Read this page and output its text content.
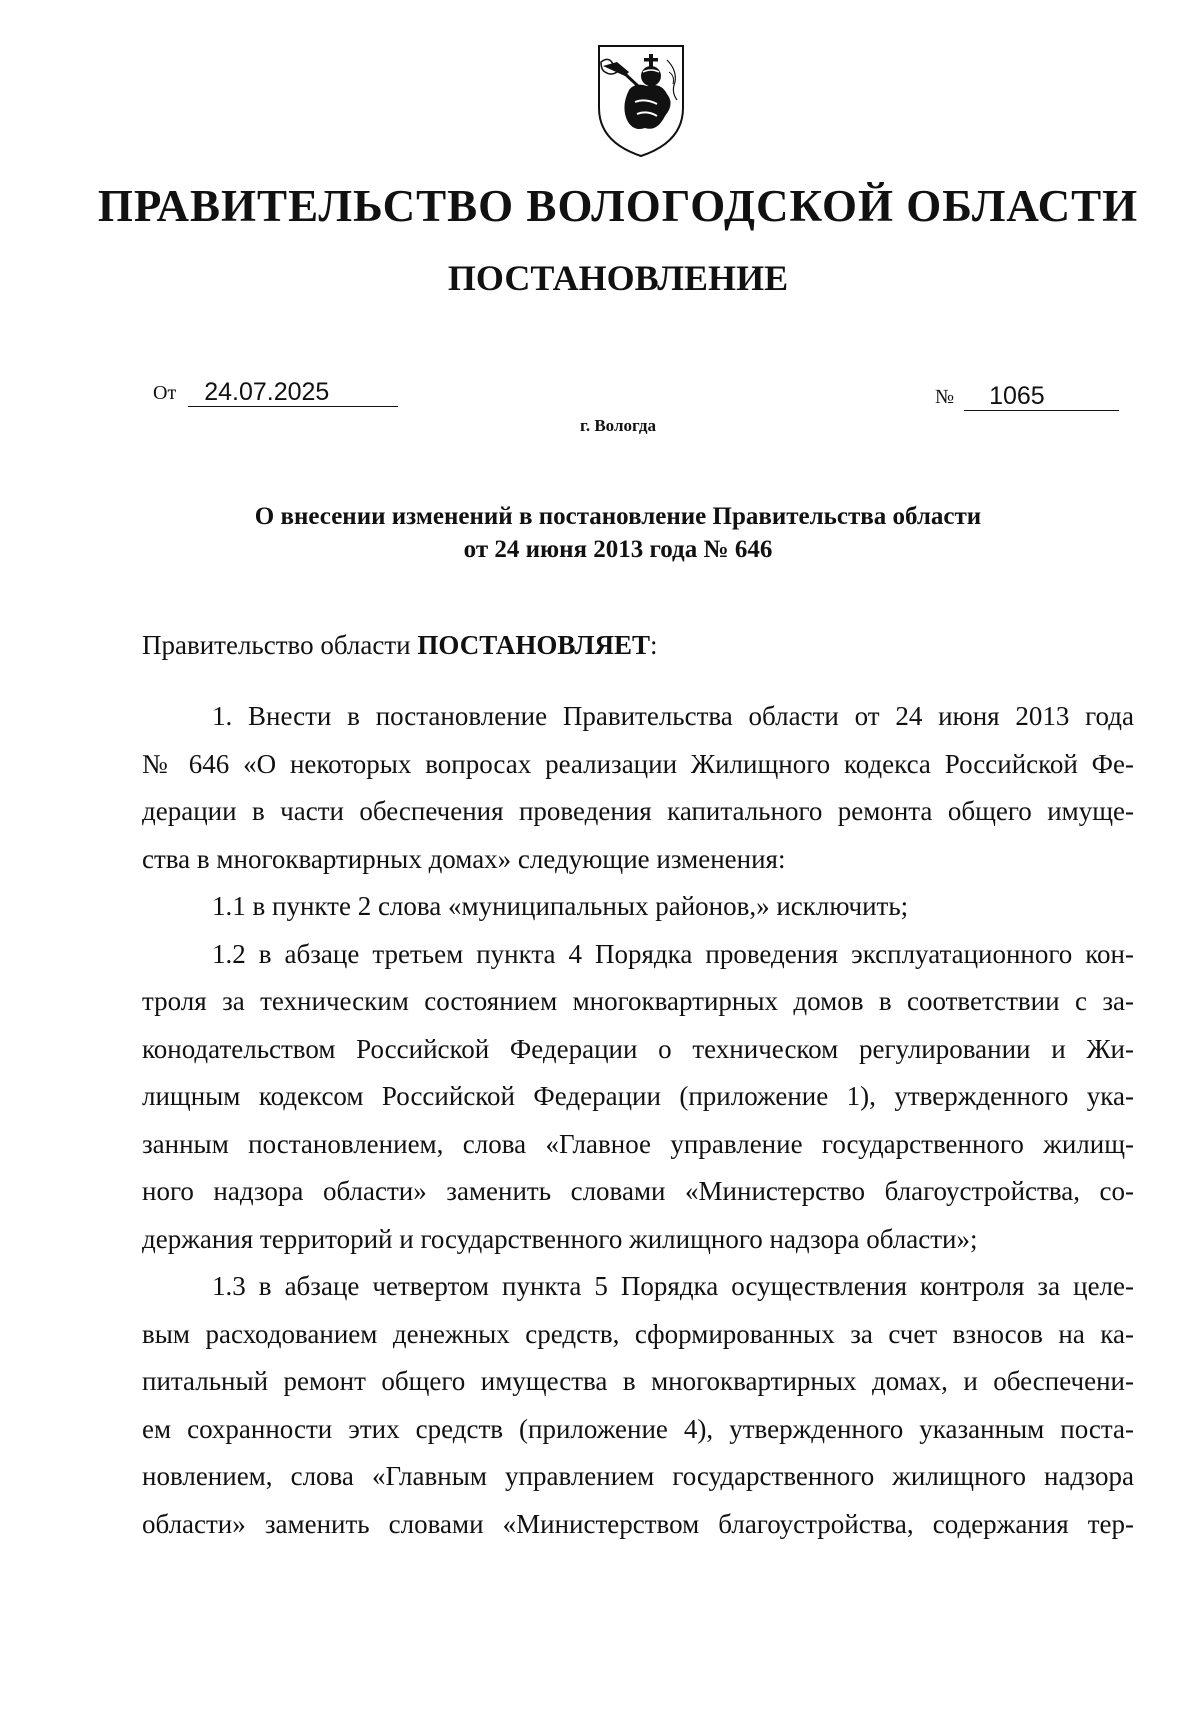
ПРАВИТЕЛЬСТВО ВОЛОГОДСКОЙ ОБЛАСТИ
ПОСТАНОВЛЕНИЕ
От	24.07.2025	№	1065
г. Вологда
О внесении изменений в постановление Правительства области
от 24 июня 2013 года № 646
Правительство области ПОСТАНОВЛЯЕТ:
1. Внести в постановление Правительства области от 24 июня 2013 года
№ 646 «О некоторых вопросах реализации Жилищного кодекса Российской Фе-
дерации в части обеспечения проведения капитального ремонта общего имуще-
ства в многоквартирных домах» следующие изменения:
1.1 в пункте 2 слова «муниципальных районов,» исключить;
1.2 в абзаце третьем пункта 4 Порядка проведения эксплуатационного кон-
троля за техническим состоянием многоквартирных домов в соответствии с за-
конодательством Российской Федерации о техническом регулировании и Жи-
лищным кодексом Российской Федерации (приложение 1), утвержденного ука-
занным постановлением, слова «Главное управление государственного жилищ-
ного надзора области» заменить словами «Министерство благоустройства, со-
держания территорий и государственного жилищного надзора области»;
1.3 в абзаце четвертом пункта 5 Порядка осуществления контроля за целе-
вым расходованием денежных средств, сформированных за счет взносов на ка-
питальный ремонт общего имущества в многоквартирных домах, и обеспечени-
ем сохранности этих средств (приложение 4), утвержденного указанным поста-
новлением, слова «Главным управлением государственного жилищного надзора
области» заменить словами «Министерством благоустройства, содержания тер-
